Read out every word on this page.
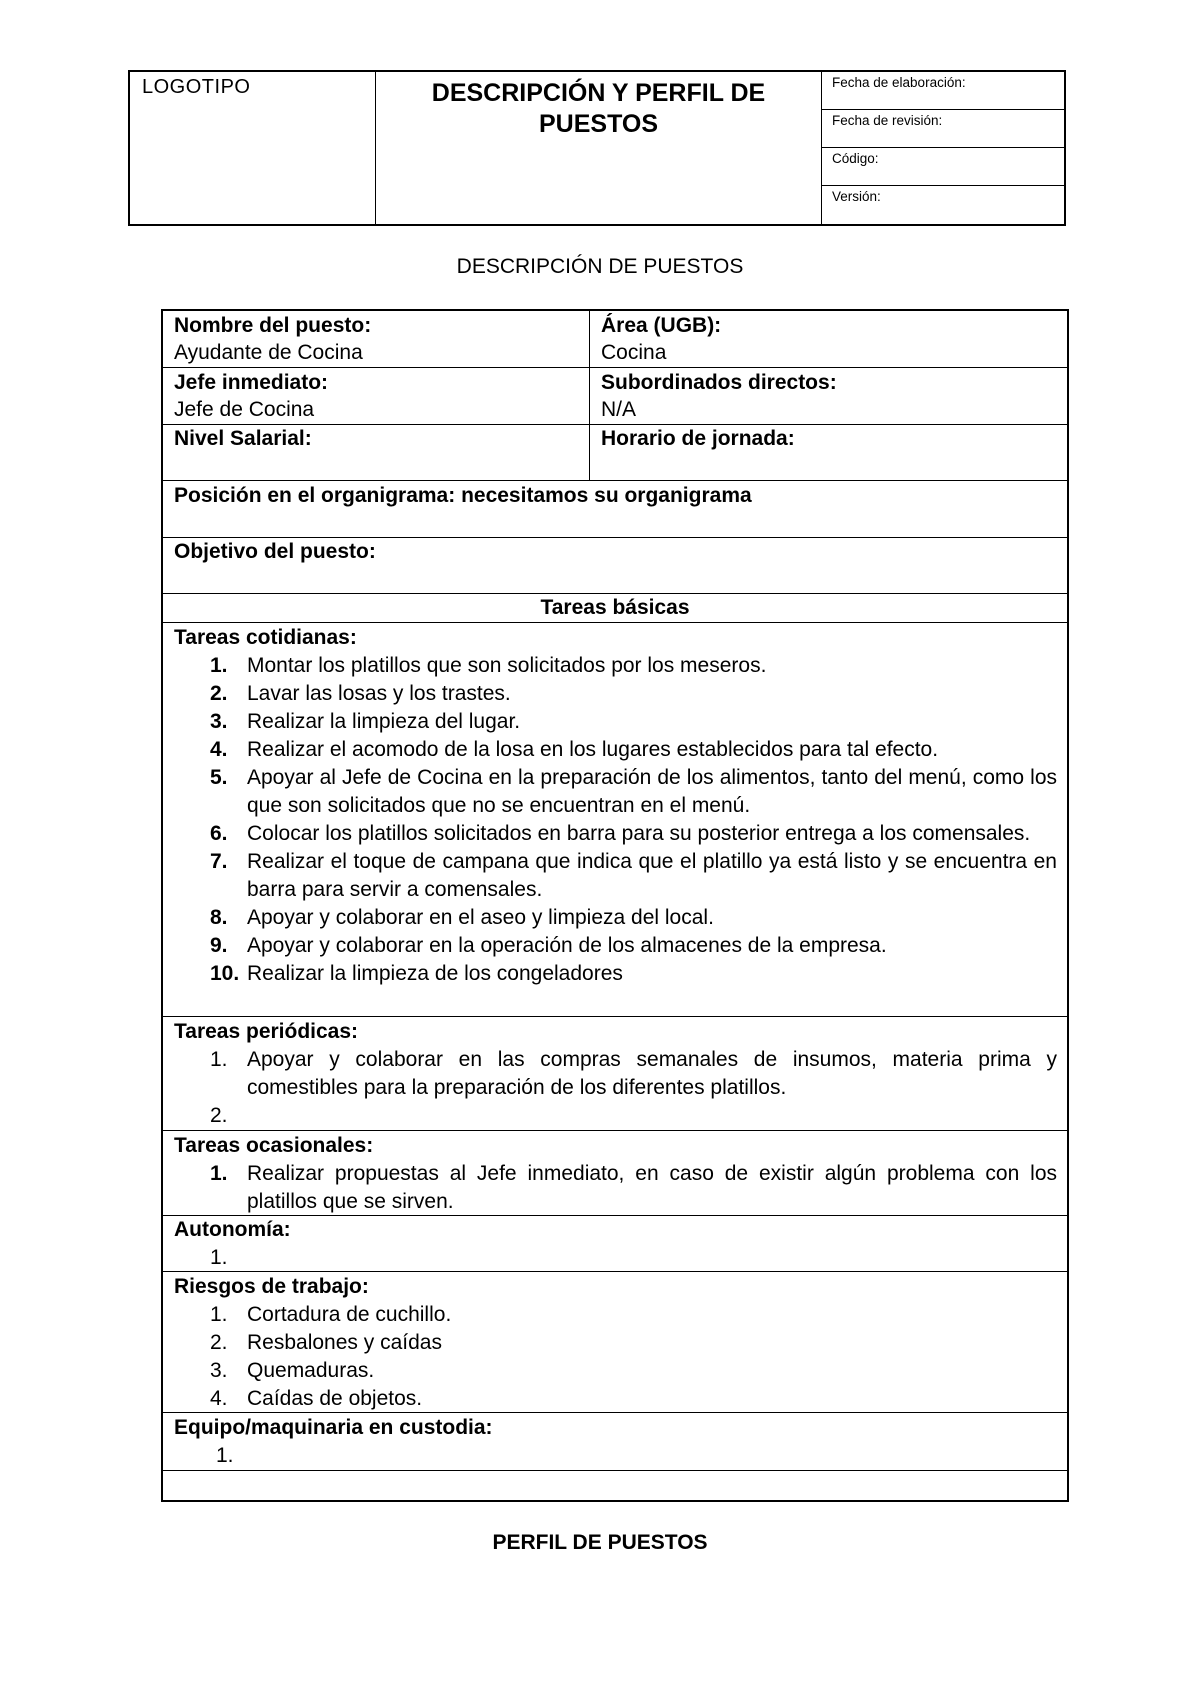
LOGOTIPO	DESCRIPCIÓN Y PERFIL DE PUESTOS
Fecha de elaboración:
Fecha de revisión:
Código:
Versión:
DESCRIPCIÓN DE PUESTOS
Nombre del puesto:
Ayudante de Cocina
Área (UGB):
Cocina
Jefe inmediato:
Jefe de Cocina
Subordinados directos:
N/A
Nivel Salarial:	Horario de jornada:
Posición en el organigrama: necesitamos su organigrama
Objetivo del puesto:
Tareas básicas
Tareas cotidianas:
1. Montar los platillos que son solicitados por los meseros.
2. Lavar las losas y los trastes.
3. Realizar la limpieza del lugar.
4. Realizar el acomodo de la losa en los lugares establecidos para tal efecto.
5. Apoyar al Jefe de Cocina en la preparación de los alimentos, tanto del menú, como los que son solicitados que no se encuentran en el menú.
6. Colocar los platillos solicitados en barra para su posterior entrega a los comensales.
7. Realizar el toque de campana que indica que el platillo ya está listo y se encuentra en barra para servir a comensales.
8. Apoyar y colaborar en el aseo y limpieza del local.
9. Apoyar y colaborar en la operación de los almacenes de la empresa.
10. Realizar la limpieza de los congeladores
Tareas periódicas:
1. Apoyar y colaborar en las compras semanales de insumos, materia prima y comestibles para la preparación de los diferentes platillos.
2.
Tareas ocasionales:
1. Realizar propuestas al Jefe inmediato, en caso de existir algún problema con los platillos que se sirven.
Autonomía:
1.
Riesgos de trabajo:
1. Cortadura de cuchillo.
2. Resbalones y caídas
3. Quemaduras.
4. Caídas de objetos.
Equipo/maquinaria en custodia:
1.
PERFIL DE PUESTOS
